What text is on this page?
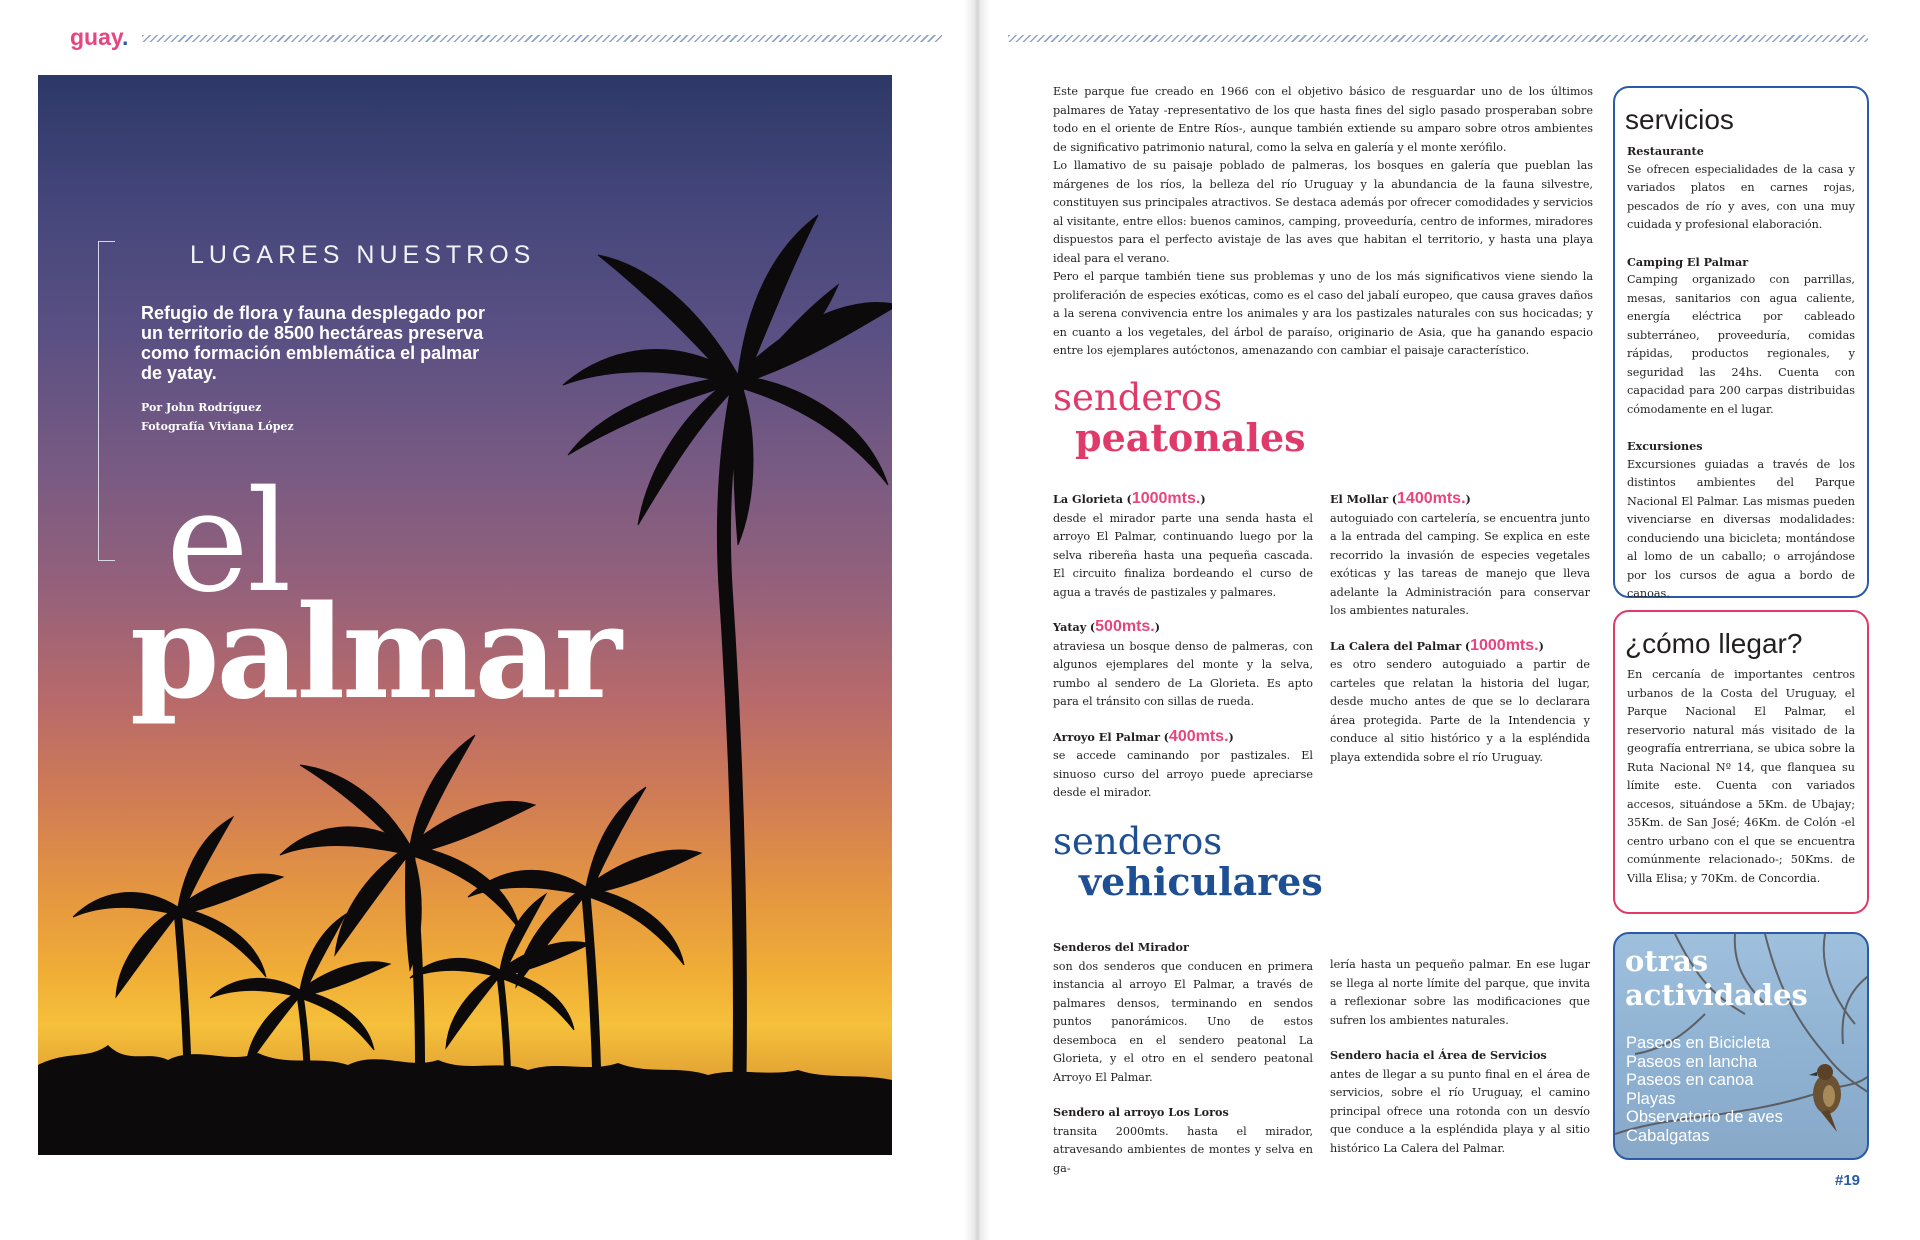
guay.
LUGARES NUESTROS
Refugio de flora y fauna desplegado por un territorio de 8500 hectáreas preserva como formación emblemática el palmar de yatay.
Por John Rodríguez
Fotografía Viviana López
el
palmar

Este parque fue creado en 1966 con el objetivo básico de resguardar uno de los últimos palmares de Yatay -representativo de los que hasta fines del siglo pasado prosperaban sobre todo en el oriente de Entre Ríos-, aunque también extiende su amparo sobre otros ambientes de significativo patrimonio natural, como la selva en galería y el monte xerófilo.

Lo llamativo de su paisaje poblado de palmeras, los bosques en galería que pueblan las márgenes de los ríos, la belleza del río Uruguay y la abundancia de la fauna silvestre, constituyen sus principales atractivos. Se destaca además por ofrecer comodidades y servicios al visitante, entre ellos: buenos caminos, camping, proveeduría, centro de informes, miradores dispuestos para el perfecto avistaje de las aves que habitan el territorio, y hasta una playa ideal para el verano.

Pero el parque también tiene sus problemas y uno de los más significativos viene siendo la proliferación de especies exóticas, como es el caso del jabalí europeo, que causa graves daños a la serena convivencia entre los animales y ara los pastizales naturales con sus hocicadas; y en cuanto a los vegetales, del árbol de paraíso, originario de Asia, que ha ganando espacio entre los ejemplares autóctonos, amenazando con cambiar el paisaje característico.

senderos
peatonales
La Glorieta (1000mts.)

desde el mirador parte una senda hasta el arroyo El Palmar, continuando luego por la selva ribereña hasta una pequeña cascada. El circuito finaliza bordeando el curso de agua a través de pastizales y palmares.

Yatay (500mts.)

atraviesa un bosque denso de palmeras, con algunos ejemplares del monte y la selva, rumbo al sendero de La Glorieta. Es apto para el tránsito con sillas de rueda.

Arroyo El Palmar (400mts.)

se accede caminando por pastizales. El sinuoso curso del arroyo puede apreciarse desde el mirador.

El Mollar (1400mts.)

autoguiado con cartelería, se encuentra junto a la entrada del camping. Se explica en este recorrido la invasión de especies vegetales exóticas y las tareas de manejo que lleva adelante la Administración para conservar los ambientes naturales.

La Calera del Palmar (1000mts.)

es otro sendero autoguiado a partir de carteles que relatan la historia del lugar, desde mucho antes de que se lo declarara área protegida. Parte de la Intendencia y conduce al sitio histórico y a la espléndida playa extendida sobre el río Uruguay.

senderos
vehiculares
Senderos del Mirador

son dos senderos que conducen en primera instancia al arroyo El Palmar, a través de palmares densos, terminando en sendos puntos panorámicos. Uno de estos desemboca en el sendero peatonal La Glorieta, y el otro en el sendero peatonal Arroyo El Palmar.

Sendero al arroyo Los Loros

transita 2000mts. hasta el mirador, atravesando ambientes de montes y selva en ga-

lería hasta un pequeño palmar. En ese lugar se llega al norte límite del parque, que invita a reflexionar sobre las modificaciones que sufren los ambientes naturales.

Sendero hacia el Área de Servicios

antes de llegar a su punto final en el área de servicios, sobre el río Uruguay, el camino principal ofrece una rotonda con un desvío que conduce a la espléndida playa y al sitio histórico La Calera del Palmar.

servicios

Restaurante
Se ofrecen especialidades de la casa y variados platos en carnes rojas, pescados de río y aves, con una muy cuidada y profesional elaboración.

Camping El Palmar
Camping organizado con parrillas, mesas, sanitarios con agua caliente, energía eléctrica por cableado subterráneo, proveeduría, comidas rápidas, productos regionales, y seguridad las 24hs. Cuenta con capacidad para 200 carpas distribuidas cómodamente en el lugar.

Excursiones
Excursiones guiadas a través de los distintos ambientes del Parque Nacional El Palmar. Las mismas pueden vivenciarse en diversas modalidades: conduciendo una bicicleta; montándose al lomo de un caballo; o arrojándose por los cursos de agua a bordo de canoas.

¿cómo llegar?

En cercanía de importantes centros urbanos de la Costa del Uruguay, el Parque Nacional El Palmar, el reservorio natural más visitado de la geografía entrerriana, se ubica sobre la Ruta Nacional Nº 14, que flanquea su límite este. Cuenta con variados accesos, situándose a 5Km. de Ubajay; 35Km. de San José; 46Km. de Colón -el centro urbano con el que se encuentra comúnmente relacionado-; 50Kms. de Villa Elisa; y 70Km. de Concordia.

otras
actividades
Paseos en Bicicleta
Paseos en lancha
Paseos en canoa
Playas
Observatorio de aves
Cabalgatas
#19
